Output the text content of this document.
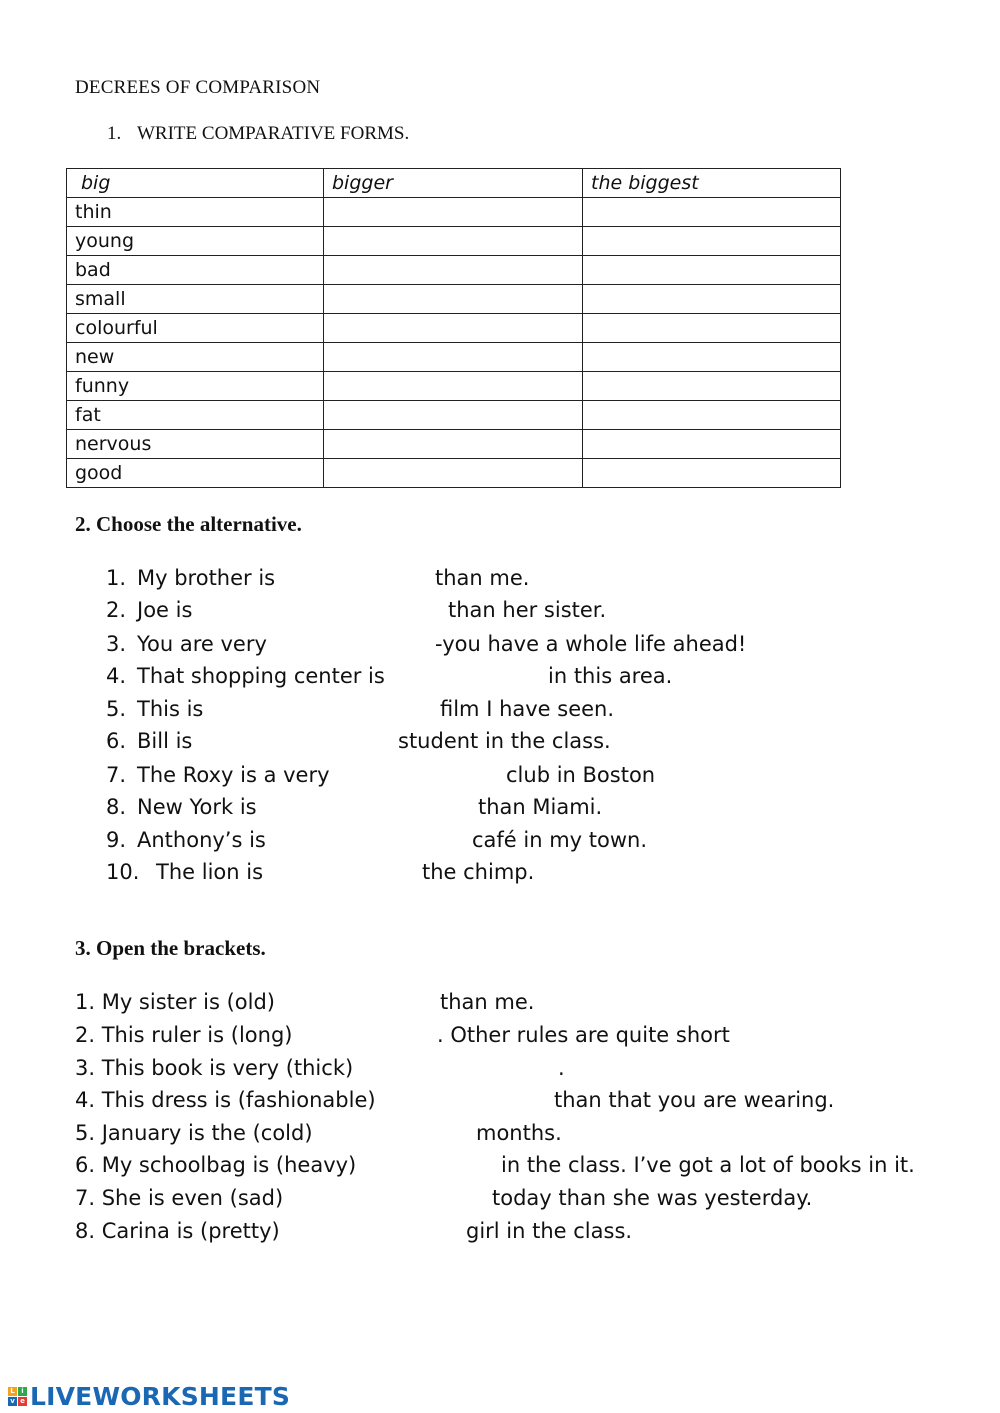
DECREES OF COMPARISON
1. WRITE COMPARATIVE FORMS.
big	bigger	the biggest
thin		
young		
bad		
small		
colourful		
new		
funny		
fat		
nervous		
good		
2. Choose the alternative.

1.

My brother is

	than me.

2.

Joe is

	than her sister.

3.

You are very

	-you have a whole life ahead!

4.

That shopping center is

	in this area.

5.

This is

	film I have seen.

6.

Bill is

	student in the class.

7.

The Roxy is a very

	club in Boston

8.

New York is

	than Miami.

9.

Anthony’s is

	café in my town.

10.

The lion is

	the chimp.

3. Open the brackets.

1. My sister is (old)

	than me.

2. This ruler is (long)

	. Other rules are quite short

3. This book is very (thick)

	.

4. This dress is (fashionable)

	than that you are wearing.

5. January is the (cold)

	months.

6. My schoolbag is (heavy)

	in the class. I’ve got a lot of books in it.

7. She is even (sad)

	today than she was yesterday.

8. Carina is (pretty)

	girl in the class.

L i
v e LIVEWORKSHEETS
